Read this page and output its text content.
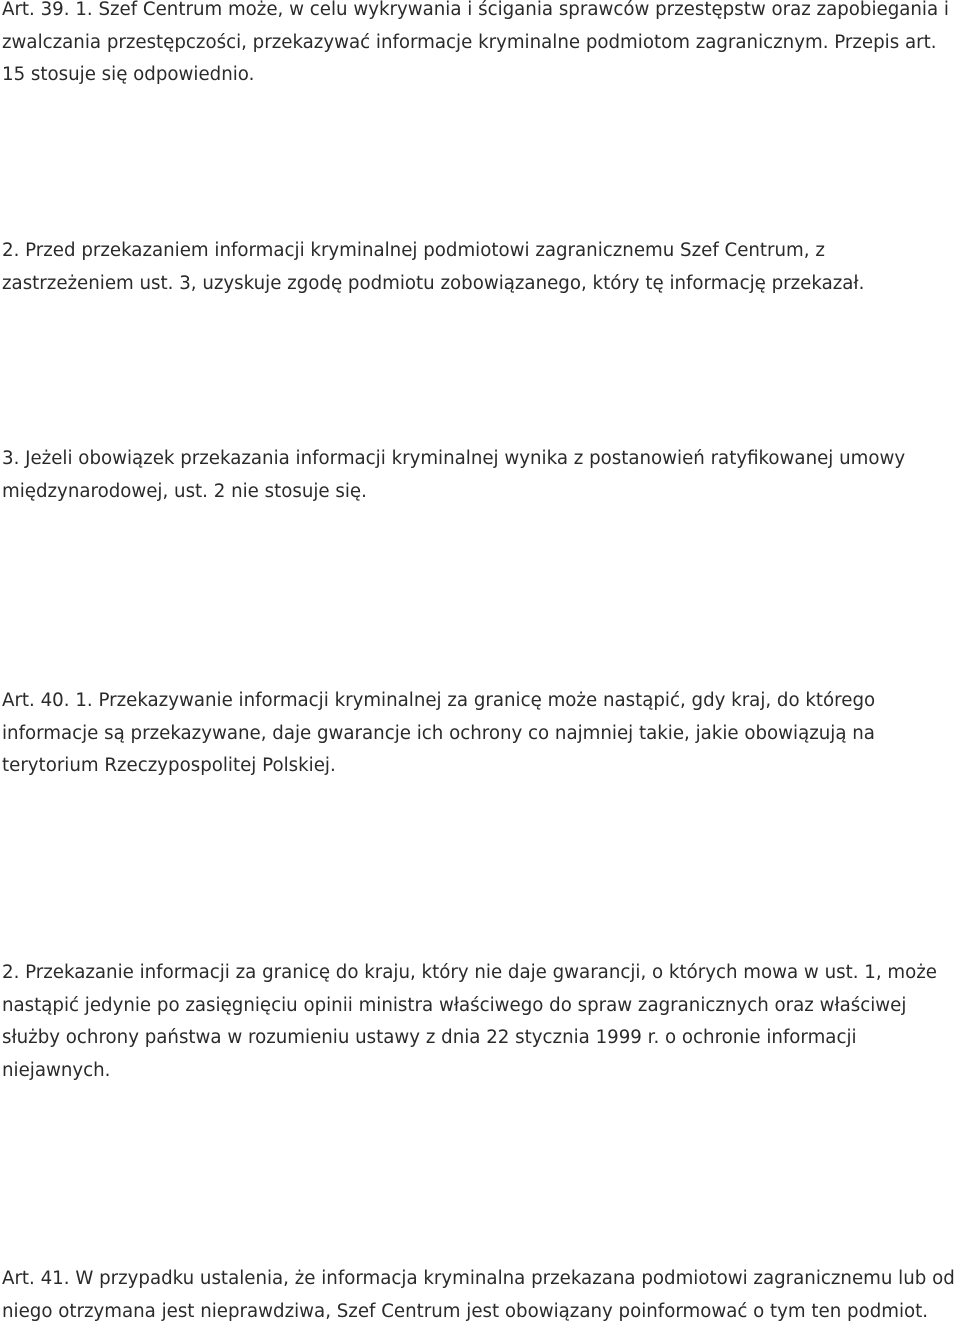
Art. 39. 1. Szef Centrum może, w celu wykrywania i ścigania sprawców przestępstw oraz zapobiegania i
zwalczania przestępczości, przekazywać informacje kryminalne podmiotom zagranicznym. Przepis art.
15 stosuje się odpowiednio.

2. Przed przekazaniem informacji kryminalnej podmiotowi zagranicznemu Szef Centrum, z
zastrzeżeniem ust. 3, uzyskuje zgodę podmiotu zobowiązanego, który tę informację przekazał.

3. Jeżeli obowiązek przekazania informacji kryminalnej wynika z postanowień ratyfikowanej umowy
międzynarodowej, ust. 2 nie stosuje się.

Art. 40. 1. Przekazywanie informacji kryminalnej za granicę może nastąpić, gdy kraj, do którego
informacje są przekazywane, daje gwarancje ich ochrony co najmniej takie, jakie obowiązują na
terytorium Rzeczypospolitej Polskiej.

2. Przekazanie informacji za granicę do kraju, który nie daje gwarancji, o których mowa w ust. 1, może
nastąpić jedynie po zasięgnięciu opinii ministra właściwego do spraw zagranicznych oraz właściwej
służby ochrony państwa w rozumieniu ustawy z dnia 22 stycznia 1999 r. o ochronie informacji
niejawnych.

Art. 41. W przypadku ustalenia, że informacja kryminalna przekazana podmiotowi zagranicznemu lub od
niego otrzymana jest nieprawdziwa, Szef Centrum jest obowiązany poinformować o tym ten podmiot.
